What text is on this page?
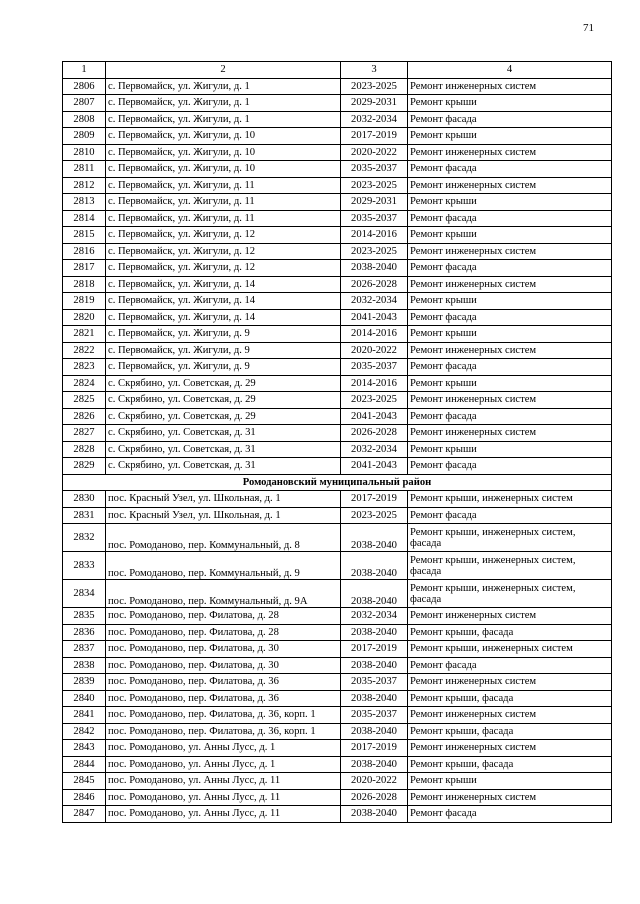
71
1	2	3	4
2806	с. Первомайск, ул. Жигули, д. 1	2023-2025	Ремонт инженерных систем
2807	с. Первомайск, ул. Жигули, д. 1	2029-2031	Ремонт крыши
2808	с. Первомайск, ул. Жигули, д. 1	2032-2034	Ремонт фасада
2809	с. Первомайск, ул. Жигули, д. 10	2017-2019	Ремонт крыши
2810	с. Первомайск, ул. Жигули, д. 10	2020-2022	Ремонт инженерных систем
2811	с. Первомайск, ул. Жигули, д. 10	2035-2037	Ремонт фасада
2812	с. Первомайск, ул. Жигули, д. 11	2023-2025	Ремонт инженерных систем
2813	с. Первомайск, ул. Жигули, д. 11	2029-2031	Ремонт крыши
2814	с. Первомайск, ул. Жигули, д. 11	2035-2037	Ремонт фасада
2815	с. Первомайск, ул. Жигули, д. 12	2014-2016	Ремонт крыши
2816	с. Первомайск, ул. Жигули, д. 12	2023-2025	Ремонт инженерных систем
2817	с. Первомайск, ул. Жигули, д. 12	2038-2040	Ремонт фасада
2818	с. Первомайск, ул. Жигули, д. 14	2026-2028	Ремонт инженерных систем
2819	с. Первомайск, ул. Жигули, д. 14	2032-2034	Ремонт крыши
2820	с. Первомайск, ул. Жигули, д. 14	2041-2043	Ремонт фасада
2821	с. Первомайск, ул. Жигули, д. 9	2014-2016	Ремонт крыши
2822	с. Первомайск, ул. Жигули, д. 9	2020-2022	Ремонт инженерных систем
2823	с. Первомайск, ул. Жигули, д. 9	2035-2037	Ремонт фасада
2824	с. Скрябино, ул. Советская, д. 29	2014-2016	Ремонт крыши
2825	с. Скрябино, ул. Советская, д. 29	2023-2025	Ремонт инженерных систем
2826	с. Скрябино, ул. Советская, д. 29	2041-2043	Ремонт фасада
2827	с. Скрябино, ул. Советская, д. 31	2026-2028	Ремонт инженерных систем
2828	с. Скрябино, ул. Советская, д. 31	2032-2034	Ремонт крыши
2829	с. Скрябино, ул. Советская, д. 31	2041-2043	Ремонт фасада
Ромодановский муниципальный район			
2830	пос. Красный Узел, ул. Школьная, д. 1	2017-2019	Ремонт крыши, инженерных систем
2831	пос. Красный Узел, ул. Школьная, д. 1	2023-2025	Ремонт фасада
2832	пос. Ромоданово, пер. Коммунальный, д. 8	2038-2040	Ремонт крыши, инженерных систем, фасада
2833	пос. Ромоданово, пер. Коммунальный, д. 9	2038-2040	Ремонт крыши, инженерных систем, фасада
2834	пос. Ромоданово, пер. Коммунальный, д. 9А	2038-2040	Ремонт крыши, инженерных систем, фасада
2835	пос. Ромоданово, пер. Филатова, д. 28	2032-2034	Ремонт инженерных систем
2836	пос. Ромоданово, пер. Филатова, д. 28	2038-2040	Ремонт крыши, фасада
2837	пос. Ромоданово, пер. Филатова, д. 30	2017-2019	Ремонт крыши, инженерных систем
2838	пос. Ромоданово, пер. Филатова, д. 30	2038-2040	Ремонт фасада
2839	пос. Ромоданово, пер. Филатова, д. 36	2035-2037	Ремонт инженерных систем
2840	пос. Ромоданово, пер. Филатова, д. 36	2038-2040	Ремонт крыши, фасада
2841	пос. Ромоданово, пер. Филатова, д. 36, корп. 1	2035-2037	Ремонт инженерных систем
2842	пос. Ромоданово, пер. Филатова, д. 36, корп. 1	2038-2040	Ремонт крыши, фасада
2843	пос. Ромоданово, ул. Анны Лусс, д. 1	2017-2019	Ремонт инженерных систем
2844	пос. Ромоданово, ул. Анны Лусс, д. 1	2038-2040	Ремонт крыши, фасада
2845	пос. Ромоданово, ул. Анны Лусс, д. 11	2020-2022	Ремонт крыши
2846	пос. Ромоданово, ул. Анны Лусс, д. 11	2026-2028	Ремонт инженерных систем
2847	пос. Ромоданово, ул. Анны Лусс, д. 11	2038-2040	Ремонт фасада
